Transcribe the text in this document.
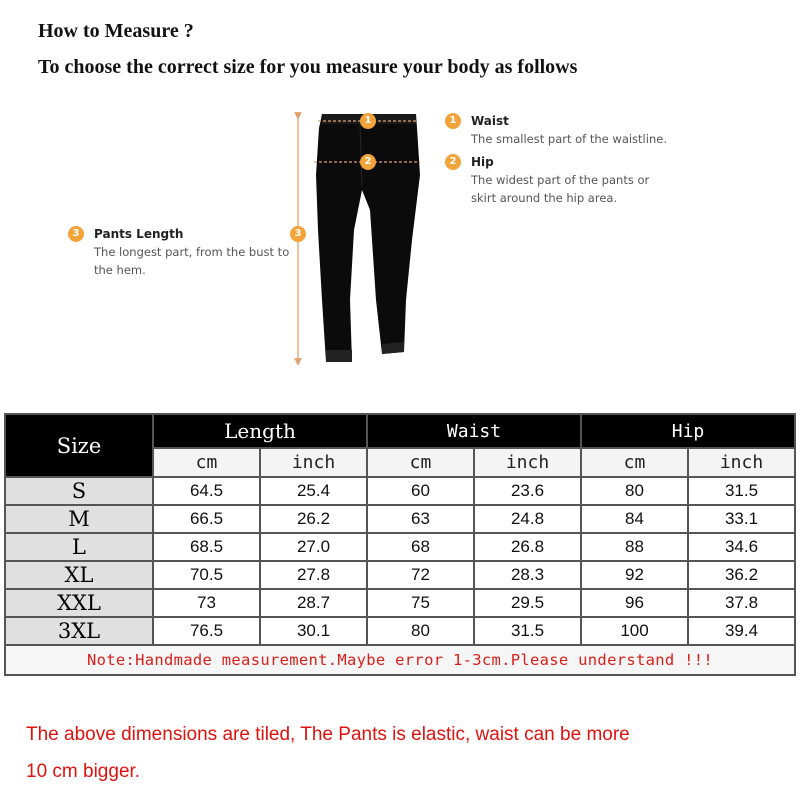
How to Measure ?
To choose the correct size for you measure your body as follows
1
2
3
1	Waist
The smallest part of the waistline.
2	Hip
The widest part of the pants or
skirt around the hip area.
3	Pants Length
The longest part, from the bust to
the hem.
Size	Length		Waist		Hip	
	cm	inch	cm	inch	cm	inch
S	64.5	25.4	60	23.6	80	31.5
M	66.5	26.2	63	24.8	84	33.1
L	68.5	27.0	68	26.8	88	34.6
XL	70.5	27.8	72	28.3	92	36.2
XXL	73	28.7	75	29.5	96	37.8
3XL	76.5	30.1	80	31.5	100	39.4
Note:Handmade measurement.Maybe error 1-3cm.Please understand !!!						
The above dimensions are tiled, The Pants is elastic, waist can be more
10 cm bigger.
